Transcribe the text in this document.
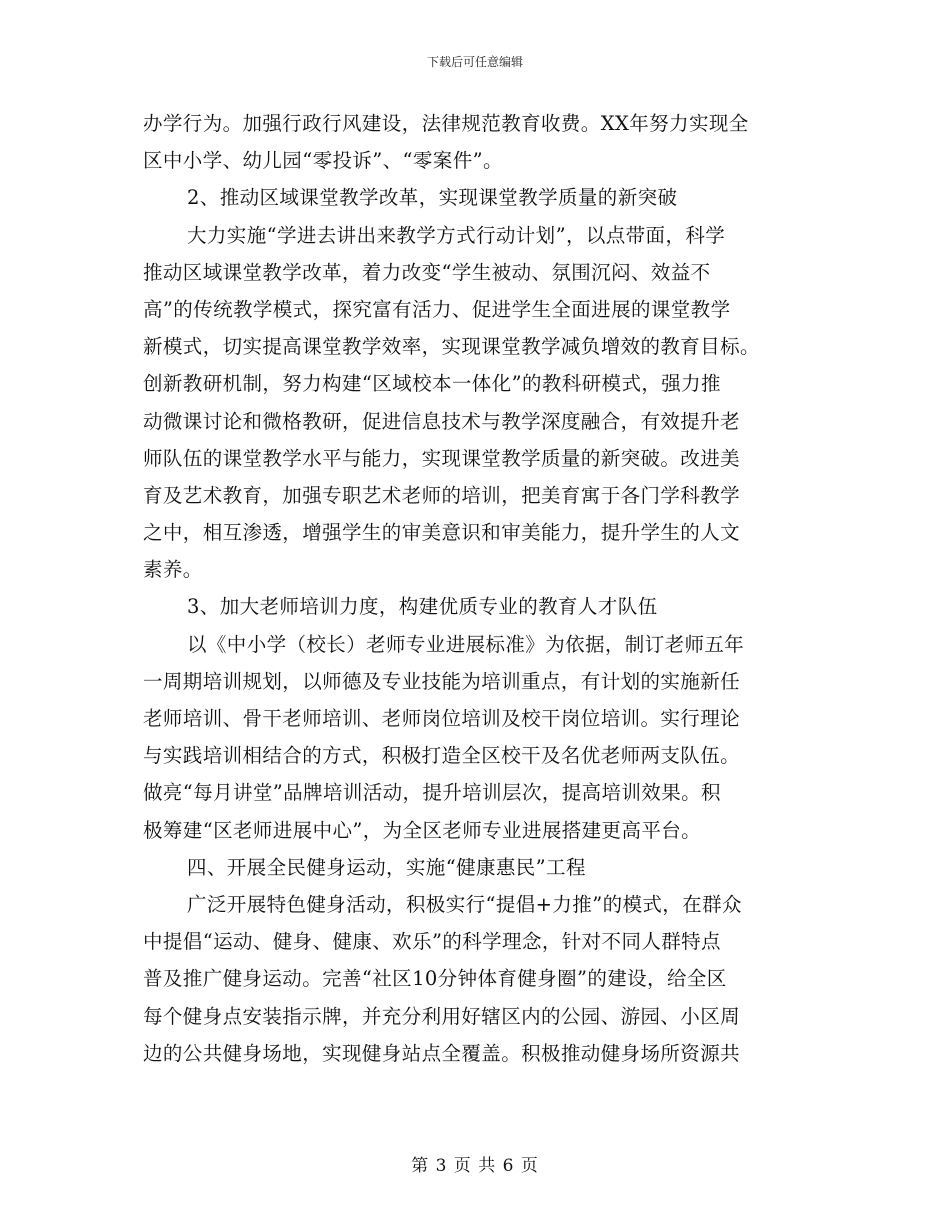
下载后可任意编辑
办学行为。加强行政行风建设，法律规范教育收费。XX年努力实现全
区中小学、幼儿园“零投诉”、“零案件”。
2、推动区域课堂教学改革，实现课堂教学质量的新突破
大力实施“学进去讲出来教学方式行动计划”，以点带面，科学
推动区域课堂教学改革，着力改变“学生被动、氛围沉闷、效益不
高”的传统教学模式，探究富有活力、促进学生全面进展的课堂教学
新模式，切实提高课堂教学效率，实现课堂教学减负增效的教育目标。
创新教研机制，努力构建“区域校本一体化”的教科研模式，强力推
动微课讨论和微格教研，促进信息技术与教学深度融合，有效提升老
师队伍的课堂教学水平与能力，实现课堂教学质量的新突破。改进美
育及艺术教育，加强专职艺术老师的培训，把美育寓于各门学科教学
之中，相互渗透，增强学生的审美意识和审美能力，提升学生的人文
素养。
3、加大老师培训力度，构建优质专业的教育人才队伍
以《中小学（校长）老师专业进展标准》为依据，制订老师五年
一周期培训规划，以师德及专业技能为培训重点，有计划的实施新任
老师培训、骨干老师培训、老师岗位培训及校干岗位培训。实行理论
与实践培训相结合的方式，积极打造全区校干及名优老师两支队伍。
做亮“每月讲堂”品牌培训活动，提升培训层次，提高培训效果。积
极筹建“区老师进展中心”，为全区老师专业进展搭建更高平台。
四、开展全民健身运动，实施“健康惠民”工程
广泛开展特色健身活动，积极实行“提倡+力推”的模式，在群众
中提倡“运动、健身、健康、欢乐”的科学理念，针对不同人群特点
普及推广健身运动。完善“社区10分钟体育健身圈”的建设，给全区
每个健身点安装指示牌，并充分利用好辖区内的公园、游园、小区周
边的公共健身场地，实现健身站点全覆盖。积极推动健身场所资源共
第 3 页 共 6 页
